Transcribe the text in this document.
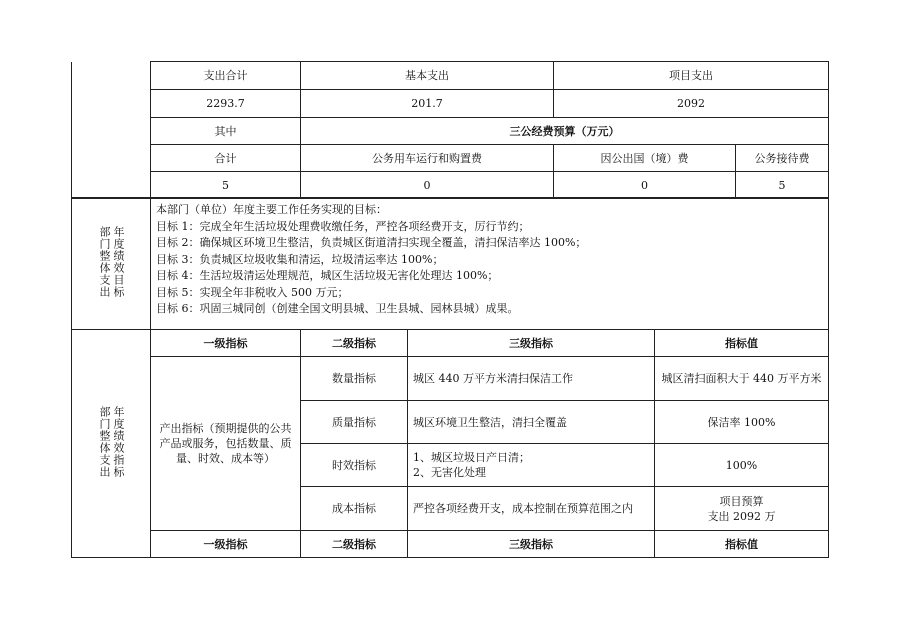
	支出合计	基本支出	项目支出	
	2293.7	201.7	2092	
	其中	三公经费预算（万元）		
	合计	公务用车运行和购置费	因公出国（境）费	公务接待费
	5	0	0	5
年度绩效目标
部门整体支出

本部门（单位）年度主要工作任务实现的目标：
目标 1：完成全年生活垃圾处理费收缴任务，严控各项经费开支，厉行节约；
目标 2：确保城区环境卫生整洁，负责城区街道清扫实现全覆盖，清扫保洁率达 100%；
目标 3：负责城区垃圾收集和清运，垃圾清运率达 100%；
目标 4：生活垃圾清运处理规范，城区生活垃圾无害化处理达 100%；
目标 5：实现全年非税收入 500 万元；
目标 6：巩固三城同创（创建全国文明县城、卫生县城、园林县城）成果。
年度绩效指标
部门整体支出	一级指标	二级指标	三级指标	指标值
	产出指标（预期提供的公共产品或服务，包括数量、质量、时效、成本等）	数量指标	城区 440 万平方米清扫保洁工作	城区清扫面积大于 440 万平方米
		质量指标	城区环境卫生整洁，清扫全覆盖	保洁率 100%
		时效指标	1、城区垃圾日产日清；
2、无害化处理	100%
		成本指标	严控各项经费开支，成本控制在预算范围之内	项目预算
支出 2092 万

	一级指标	二级指标	三级指标	指标值
